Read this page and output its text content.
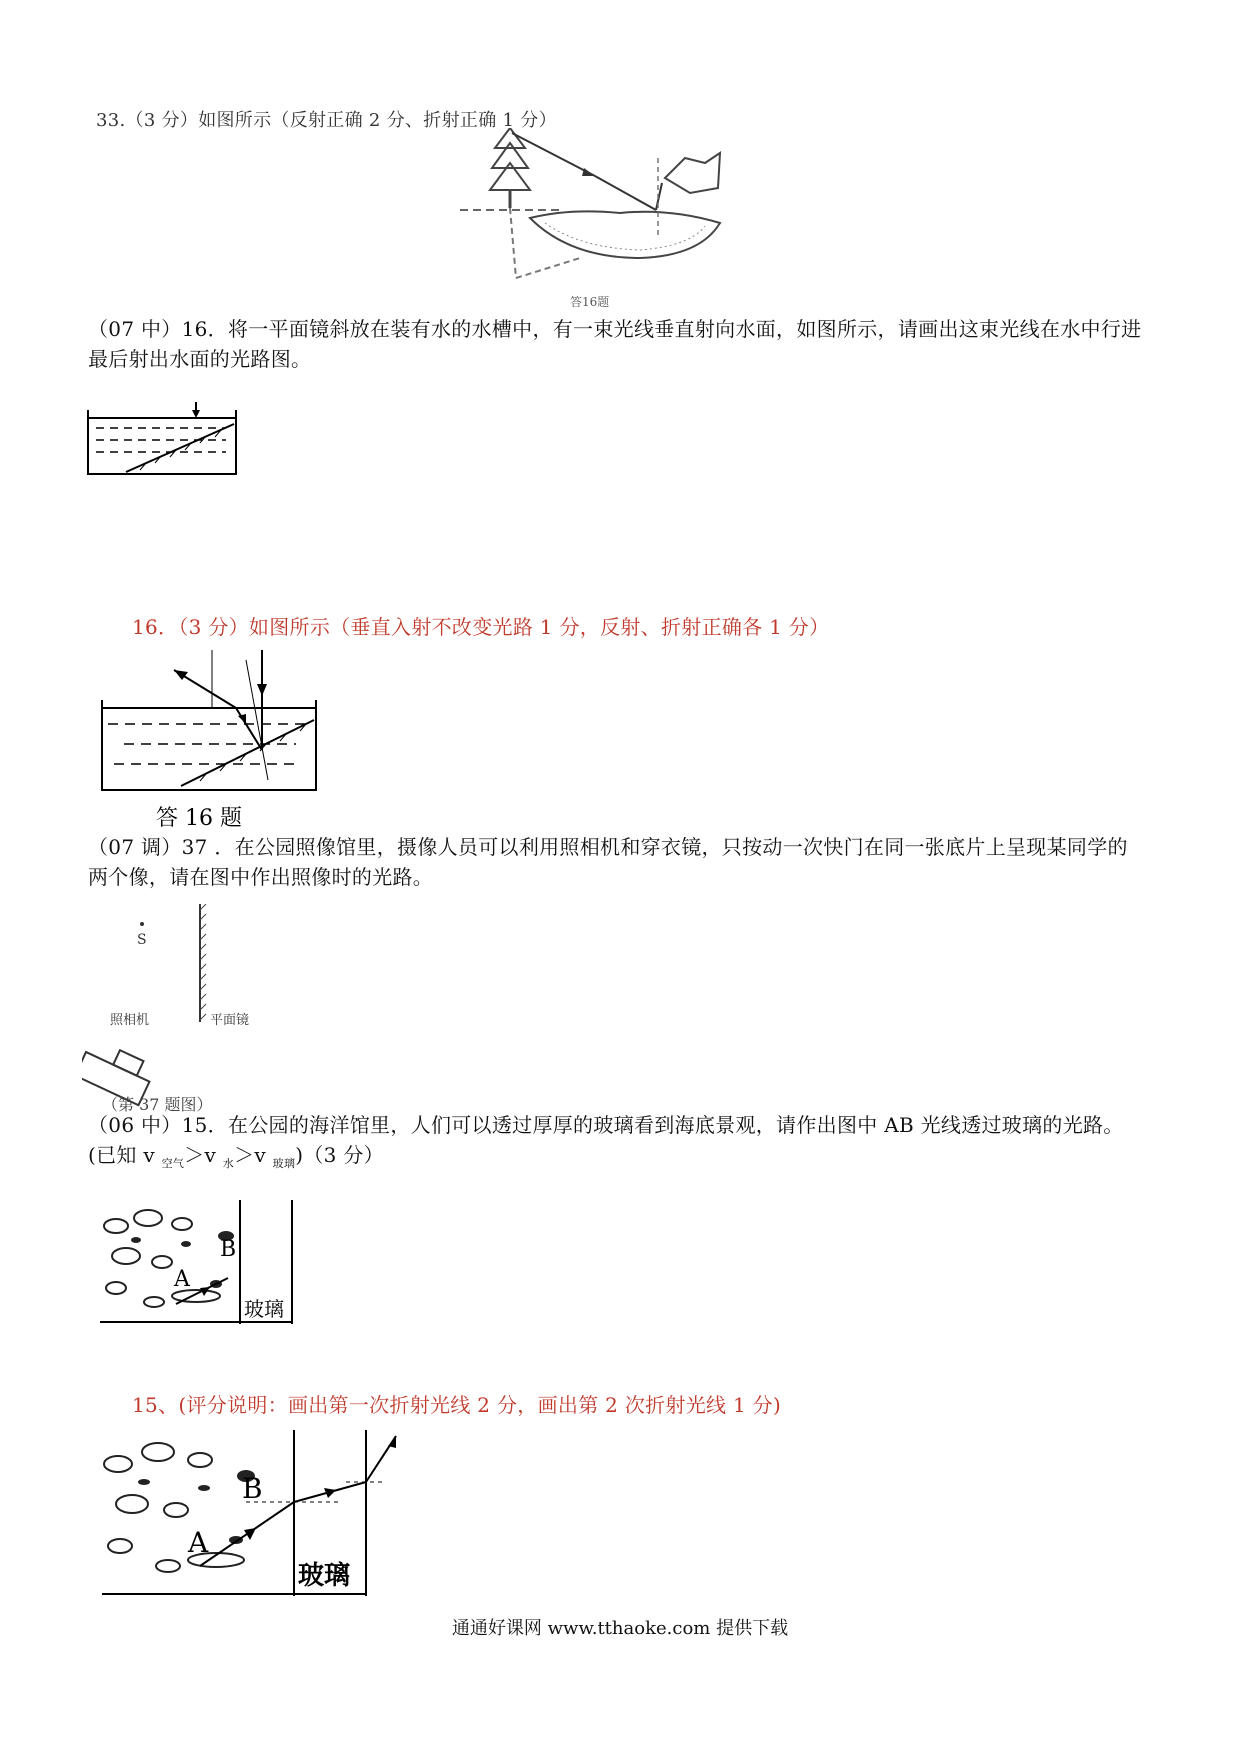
33.（3 分）如图所示（反射正确 2 分、折射正确 1 分）
答16题
（07 中）16．将一平面镜斜放在装有水的水槽中，有一束光线垂直射向水面，如图所示，请画出这束光线在水中行进最后射出水面的光路图。
16．（3 分）如图所示（垂直入射不改变光路 1 分，反射、折射正确各 1 分）
答 16 题
（07 调）37 ．在公园照像馆里，摄像人员可以利用照相机和穿衣镜，只按动一次快门在同一张底片上呈现某同学的两个像，请在图中作出照像时的光路。
S
平面镜
照相机
（第 37 题图）
（06 中）15．在公园的海洋馆里，人们可以透过厚厚的玻璃看到海底景观，请作出图中 AB 光线透过玻璃的光路。(已知 v $_{空气}$＞v $_水$＞v $_{玻璃}$)（3 分）
B
A
玻璃
15、(评分说明：画出第一次折射光线 2 分，画出第 2 次折射光线 1 分)
B
A
玻璃
通通好课网 www.tthaoke.com 提供下载
